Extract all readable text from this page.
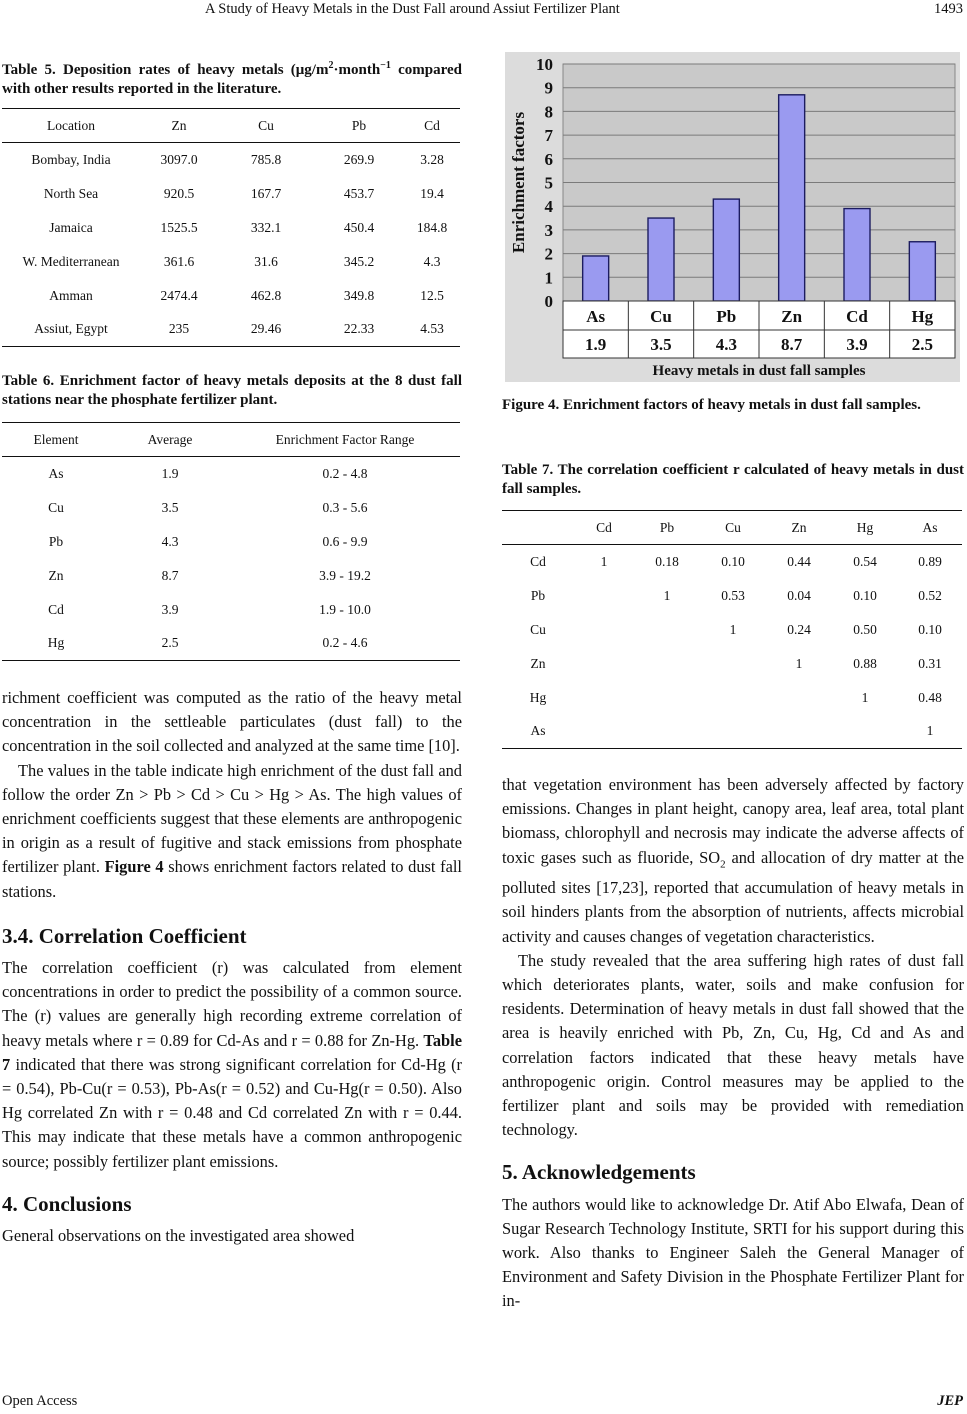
A Study of Heavy Metals in the Dust Fall around Assiut Fertilizer Plant	1493
Table 5. Deposition rates of heavy metals ($\mu g/m^2\cdot month^{-1}$ compared with other results reported in the literature.
Location	Zn	Cu	Pb	Cd
Bombay, India	3097.0	785.8	269.9	3.28
North Sea	920.5	167.7	453.7	19.4
Jamaica	1525.5	332.1	450.4	184.8
W. Mediterranean	361.6	31.6	345.2	4.3
Amman	2474.4	462.8	349.8	12.5
Assiut, Egypt	235	29.46	22.33	4.53
Table 6. Enrichment factor of heavy metals deposits at the 8 dust fall stations near the phosphate fertilizer plant.
Element	Average	Enrichment Factor Range
As	1.9	0.2 - 4.8
Cu	3.5	0.3 - 5.6
Pb	4.3	0.6 - 9.9
Zn	8.7	3.9 - 19.2
Cd	3.9	1.9 - 10.0
Hg	2.5	0.2 - 4.6

richment coefficient was computed as the ratio of the heavy metal concentration in the settleable particulates (dust fall) to the concentration in the soil collected and analyzed at the same time [10].

The values in the table indicate high enrichment of the dust fall and follow the order Zn > Pb > Cd > Cu > Hg > As. The high values of enrichment coefficients suggest that these elements are anthropogenic in origin as a result of fugitive and stack emissions from phosphate fertilizer plant. Figure 4 shows enrichment factors related to dust fall stations.

3.4. Correlation Coefficient

The correlation coefficient (r) was calculated from element concentrations in order to predict the possibility of a common source. The (r) values are generally high recording extreme correlation of heavy metals where r = 0.89 for Cd-As and r = 0.88 for Zn-Hg. Table 7 indicated that there was strong significant correlation for Cd-Hg (r = 0.54), Pb-Cu(r = 0.53), Pb-As(r = 0.52) and Cu-Hg(r = 0.50). Also Hg correlated Zn with r = 0.48 and Cd correlated Zn with r = 0.44. This may indicate that these metals have a common anthropogenic source; possibly fertilizer plant emissions.

4. Conclusions

General observations on the investigated area showed

0
1
2
3
4
5
6
7
8
9
10
As
1.9
Cu
3.5
Pb
4.3
Zn
8.7
Cd
3.9
Hg
2.5
Enrichment factors
Heavy metals in dust fall samples
Figure 4. Enrichment factors of heavy metals in dust fall samples.
Table 7. The correlation coefficient r calculated of heavy metals in dust fall samples.
	Cd	Pb	Cu	Zn	Hg	As
Cd	1	0.18	0.10	0.44	0.54	0.89
Pb		1	0.53	0.04	0.10	0.52
Cu			1	0.24	0.50	0.10
Zn				1	0.88	0.31
Hg					1	0.48
As						1

that vegetation environment has been adversely affected by factory emissions. Changes in plant height, canopy area, leaf area, total plant biomass, chlorophyll and necrosis may indicate the adverse affects of toxic gases such as fluoride, $SO_2$ and allocation of dry matter at the polluted sites [17,23], reported that accumulation of heavy metals in soil hinders plants from the absorption of nutrients, affects microbial activity and causes changes of vegetation characteristics.

The study revealed that the area suffering high rates of dust fall which deteriorates plants, water, soils and make confusion for residents. Determination of heavy metals in dust fall showed that the area is heavily enriched with Pb, Zn, Cu, Hg, Cd and As and correlation factors indicated that these heavy metals have anthropogenic origin. Control measures may be applied to the fertilizer plant and soils may be provided with remediation technology.

5. Acknowledgements

The authors would like to acknowledge Dr. Atif Abo Elwafa, Dean of Sugar Research Technology Institute, SRTI for his support during this work. Also thanks to Engineer Saleh the General Manager of Environment and Safety Division in the Phosphate Fertilizer Plant for in-

Open Access	JEP
